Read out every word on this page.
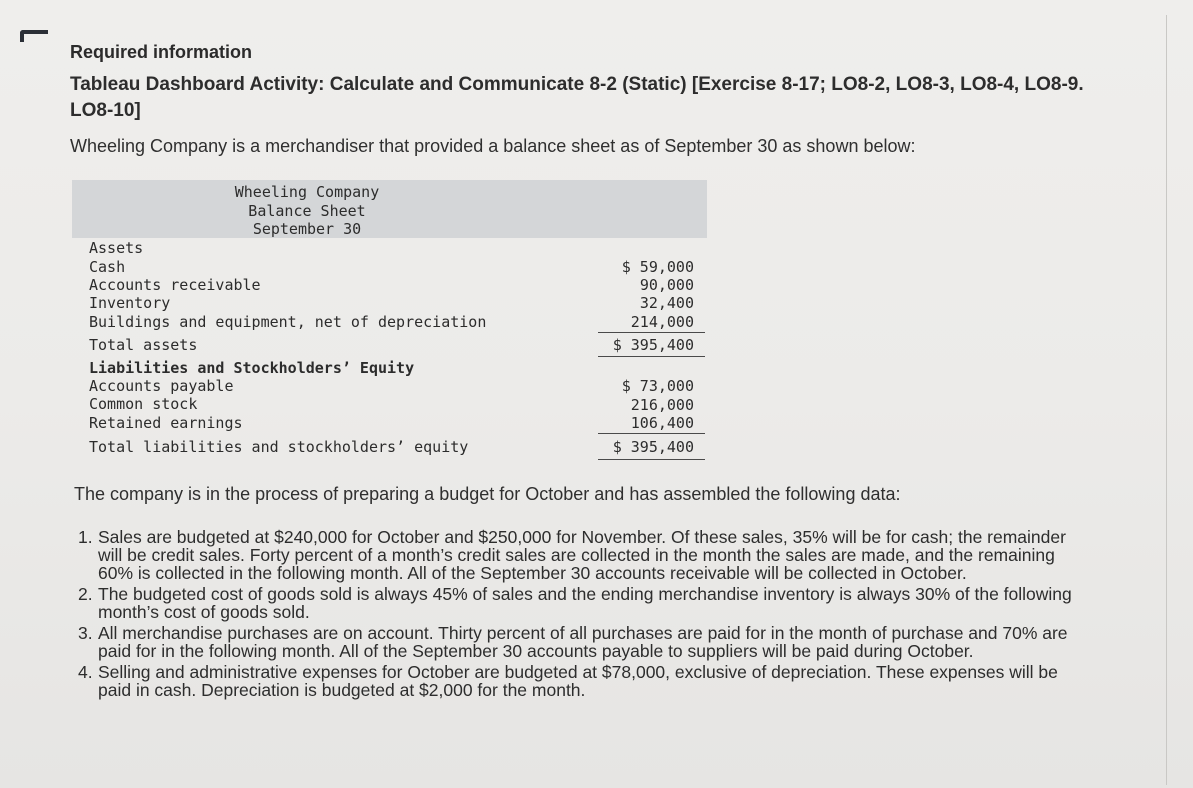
Required information
Tableau Dashboard Activity: Calculate and Communicate 8-2 (Static) [Exercise 8-17; LO8-2, LO8-3, LO8-4, LO8-9. LO8-10]
Wheeling Company is a merchandiser that provided a balance sheet as of September 30 as shown below:
Wheeling Company
Balance Sheet
September 30
Assets
Cash	$ 59,000
Accounts receivable	90,000
Inventory	32,400
Buildings and equipment, net of depreciation	214,000
Total assets	$ 395,400
Liabilities and Stockholders’ Equity
Accounts payable	$ 73,000
Common stock	216,000
Retained earnings	106,400
Total liabilities and stockholders’ equity	$ 395,400
The company is in the process of preparing a budget for October and has assembled the following data:
1. Sales are budgeted at $240,000 for October and $250,000 for November. Of these sales, 35% will be for cash; the remainder will be credit sales. Forty percent of a month’s credit sales are collected in the month the sales are made, and the remaining 60% is collected in the following month. All of the September 30 accounts receivable will be collected in October.
2. The budgeted cost of goods sold is always 45% of sales and the ending merchandise inventory is always 30% of the following month’s cost of goods sold.
3. All merchandise purchases are on account. Thirty percent of all purchases are paid for in the month of purchase and 70% are paid for in the following month. All of the September 30 accounts payable to suppliers will be paid during October.
4. Selling and administrative expenses for October are budgeted at $78,000, exclusive of depreciation. These expenses will be paid in cash. Depreciation is budgeted at $2,000 for the month.
